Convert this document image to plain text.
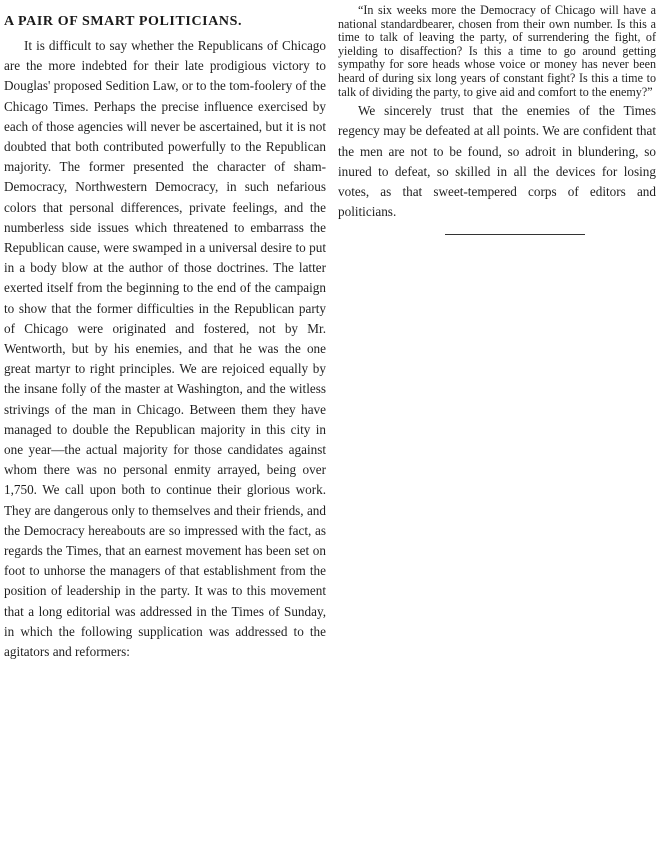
A PAIR OF SMART POLITICIANS.

It is difficult to say whether the Republicans of Chicago are the more indebted for their late prodigious victory to Douglas' proposed Sedition Law, or to the tom-foolery of the Chicago Times. Perhaps the precise influence exercised by each of those agencies will never be ascertained, but it is not doubted that both contributed powerfully to the Republican majority. The former presented the character of sham-Democracy, Northwestern Democracy, in such nefarious colors that personal differences, private feelings, and the numberless side issues which threatened to embarrass the Republican cause, were swamped in a universal desire to put in a body blow at the author of those doctrines. The latter exerted itself from the beginning to the end of the campaign to show that the former difficulties in the Republican party of Chicago were originated and fostered, not by Mr. Wentworth, but by his enemies, and that he was the one great martyr to right principles. We are rejoiced equally by the insane folly of the master at Washington, and the witless strivings of the man in Chicago. Between them they have managed to double the Republican majority in this city in one year—the actual majority for those candidates against whom there was no personal enmity arrayed, being over 1,750. We call upon both to continue their glorious work. They are dangerous only to themselves and their friends, and the Democracy hereabouts are so impressed with the fact, as regards the Times, that an earnest movement has been set on foot to unhorse the managers of that establishment from the position of leadership in the party. It was to this movement that a long editorial was addressed in the Times of Sunday, in which the following supplication was addressed to the agitators and reformers:

“In six weeks more the Democracy of Chicago will have a national standardbearer, chosen from their own number. Is this a time to talk of leaving the party, of surrendering the fight, of yielding to disaffection? Is this a time to go around getting sympathy for sore heads whose voice or money has never been heard of during six long years of constant fight? Is this a time to talk of dividing the party, to give aid and comfort to the enemy?”

We sincerely trust that the enemies of the Times regency may be defeated at all points. We are confident that the men are not to be found, so adroit in blundering, so inured to defeat, so skilled in all the devices for losing votes, as that sweet-tempered corps of editors and politicians.
